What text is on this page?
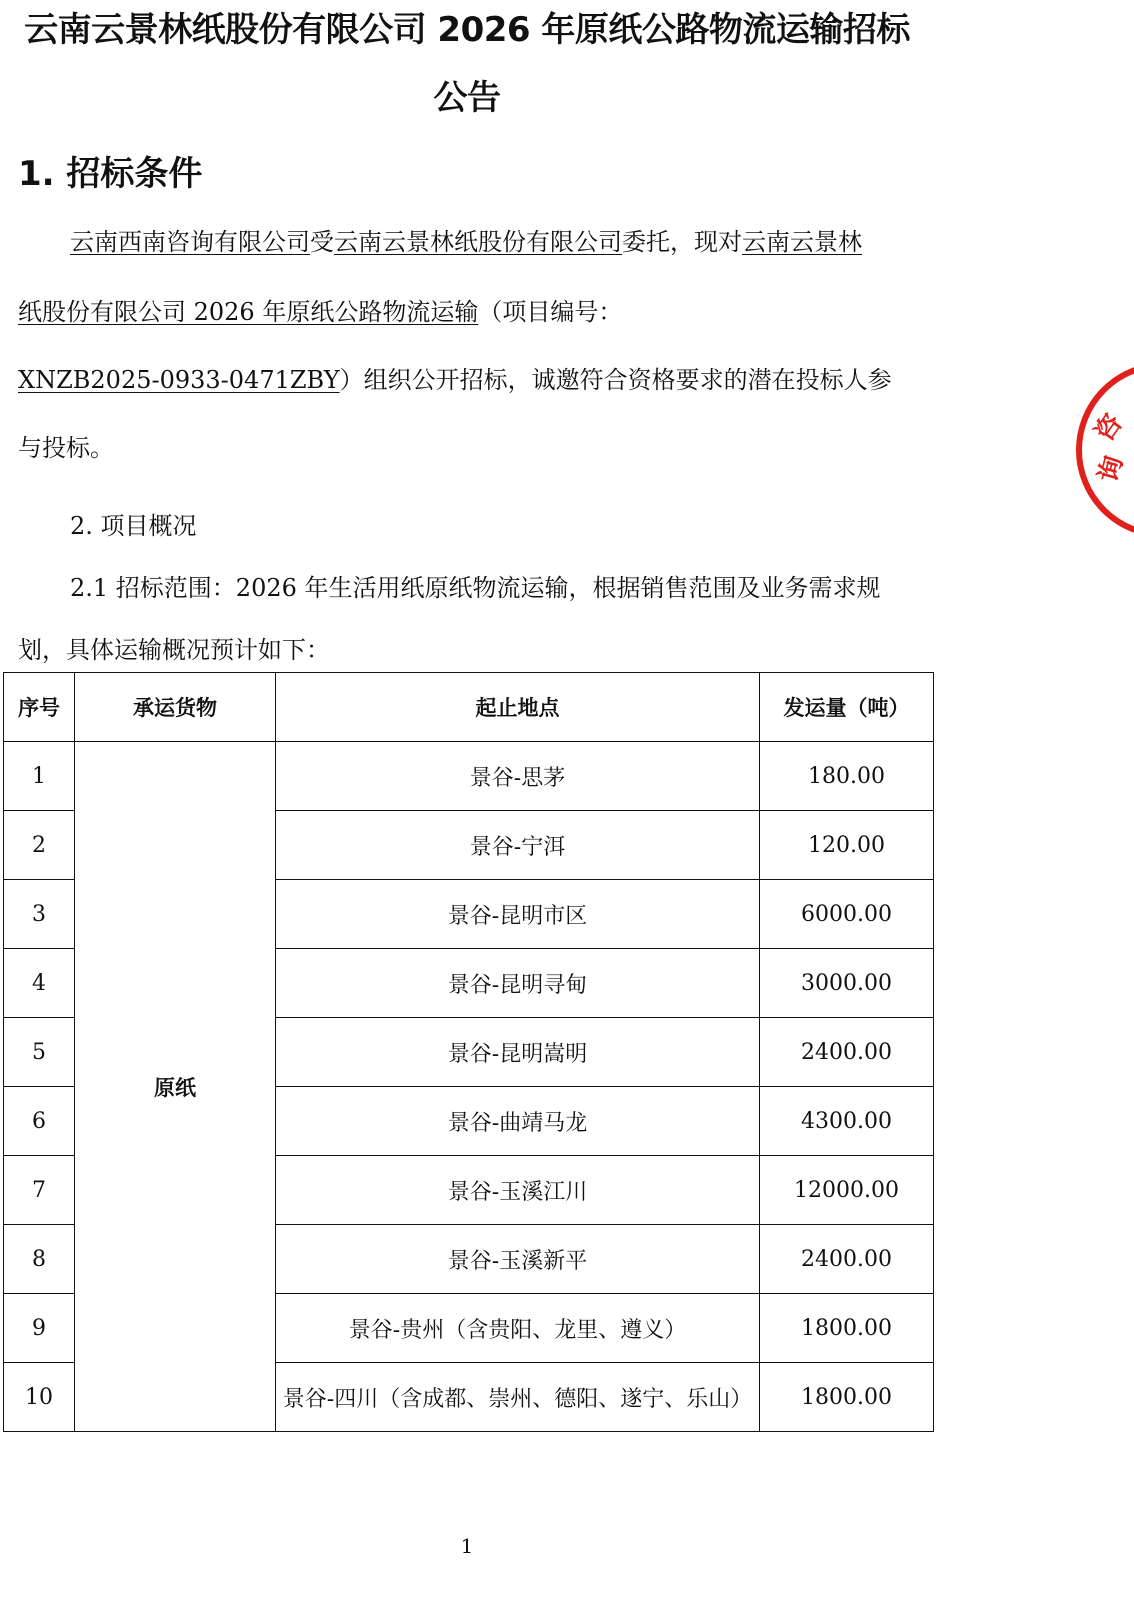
云南云景林纸股份有限公司 2026 年原纸公路物流运输招标
公告
1. 招标条件
云南西南咨询有限公司受云南云景林纸股份有限公司委托，现对云南云景林
纸股份有限公司 2026 年原纸公路物流运输（项目编号：
XNZB2025-0933-0471ZBY）组织公开招标，诚邀符合资格要求的潜在投标人参
与投标。
2. 项目概况
2.1 招标范围：2026 年生活用纸原纸物流运输，根据销售范围及业务需求规
划，具体运输概况预计如下：
序号	承运货物	起止地点	发运量（吨）
1	原纸	景谷-思茅	180.00
2		景谷-宁洱	120.00
3		景谷-昆明市区	6000.00
4		景谷-昆明寻甸	3000.00
5		景谷-昆明嵩明	2400.00
6		景谷-曲靖马龙	4300.00
7		景谷-玉溪江川	12000.00
8		景谷-玉溪新平	2400.00
9		景谷-贵州（含贵阳、龙里、遵义）	1800.00
10		景谷-四川（含成都、崇州、德阳、遂宁、乐山）	1800.00
1
咨
询
